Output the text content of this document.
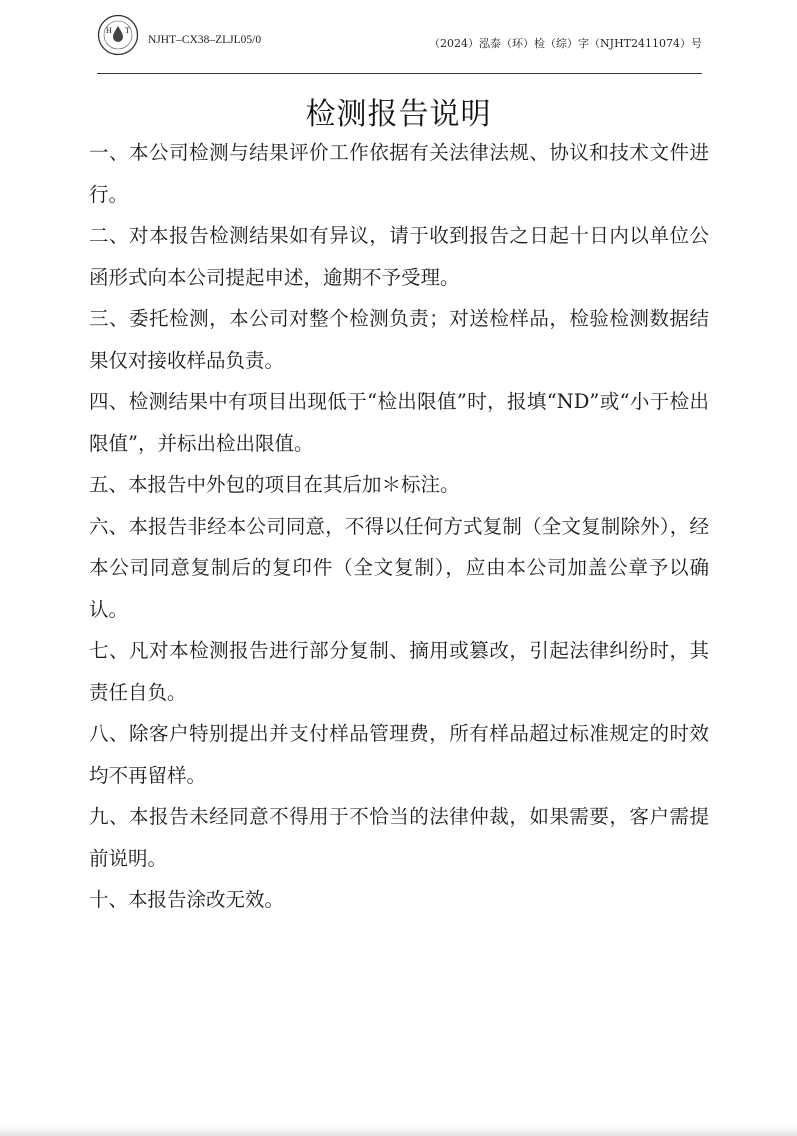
H T
NJHT–CX38–ZLJL05/0	（2024）泓泰（环）检（综）字（NJHT2411074）号
检测报告说明
一、本公司检测与结果评价工作依据有关法律法规、协议和技术文件进行。
二、对本报告检测结果如有异议，请于收到报告之日起十日内以单位公函形式向本公司提起申述，逾期不予受理。
三、委托检测，本公司对整个检测负责；对送检样品，检验检测数据结果仅对接收样品负责。
四、检测结果中有项目出现低于“检出限值”时，报填“ND”或“小于检出限值”，并标出检出限值。
五、本报告中外包的项目在其后加＊标注。
六、本报告非经本公司同意，不得以任何方式复制（全文复制除外），经本公司同意复制后的复印件（全文复制），应由本公司加盖公章予以确认。
七、凡对本检测报告进行部分复制、摘用或篡改，引起法律纠纷时，其责任自负。
八、除客户特别提出并支付样品管理费，所有样品超过标准规定的时效均不再留样。
九、本报告未经同意不得用于不恰当的法律仲裁，如果需要，客户需提前说明。
十、本报告涂改无效。
